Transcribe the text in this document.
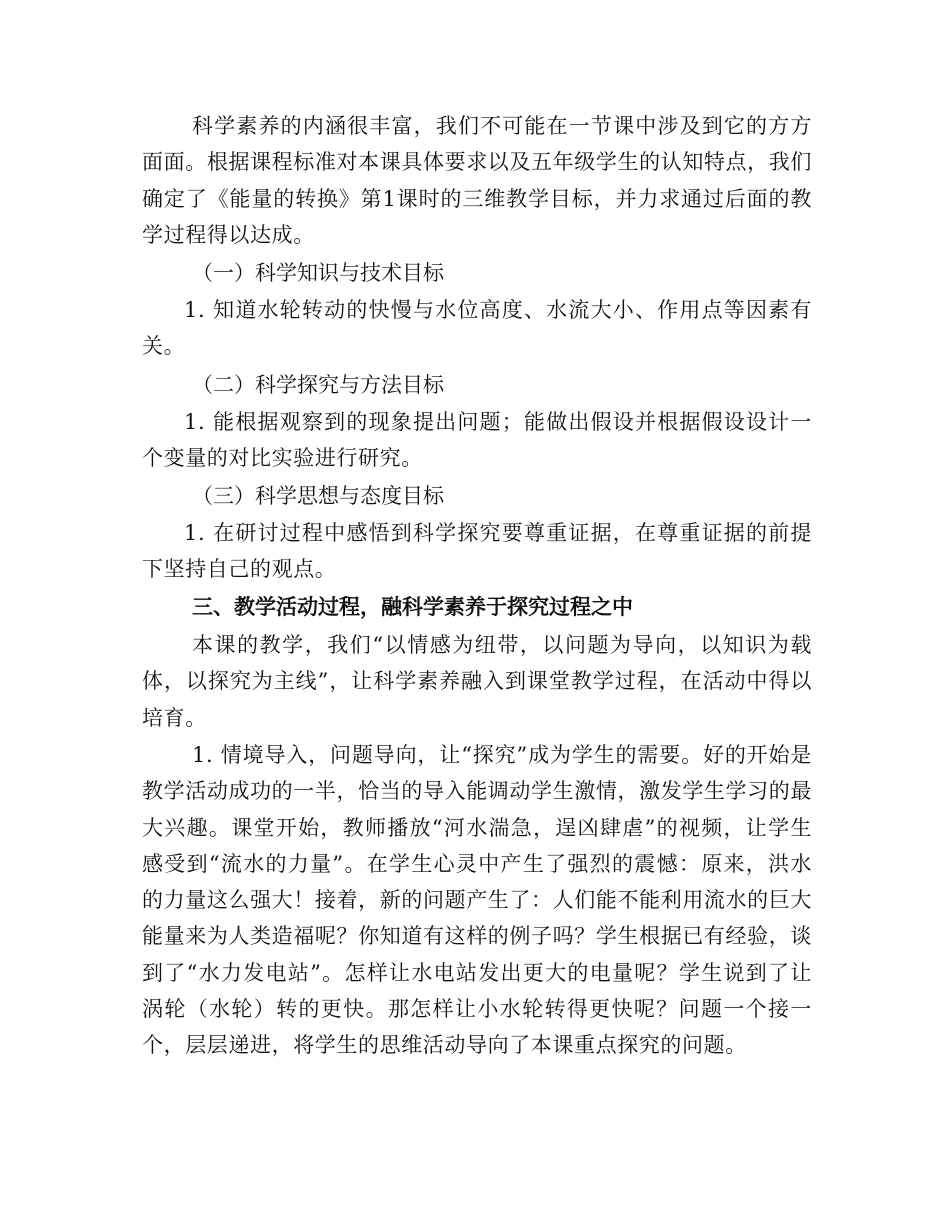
科学素养的内涵很丰富，我们不可能在一节课中涉及到它的方方面面。根据课程标准对本课具体要求以及五年级学生的认知特点，我们确定了《能量的转换》第1课时的三维教学目标，并力求通过后面的教学过程得以达成。

（一）科学知识与技术目标

1. 知道水轮转动的快慢与水位高度、水流大小、作用点等因素有关。

（二）科学探究与方法目标

1. 能根据观察到的现象提出问题；能做出假设并根据假设设计一个变量的对比实验进行研究。

（三）科学思想与态度目标

1. 在研讨过程中感悟到科学探究要尊重证据，在尊重证据的前提下坚持自己的观点。

三、教学活动过程，融科学素养于探究过程之中

本课的教学，我们“以情感为纽带，以问题为导向，以知识为载体，以探究为主线”，让科学素养融入到课堂教学过程，在活动中得以培育。

1. 情境导入，问题导向，让“探究”成为学生的需要。好的开始是教学活动成功的一半，恰当的导入能调动学生激情，激发学生学习的最大兴趣。课堂开始，教师播放“河水湍急，逞凶肆虐”的视频，让学生感受到“流水的力量”。在学生心灵中产生了强烈的震憾：原来，洪水的力量这么强大！接着，新的问题产生了：人们能不能利用流水的巨大能量来为人类造福呢？你知道有这样的例子吗？学生根据已有经验，谈到了“水力发电站”。怎样让水电站发出更大的电量呢？学生说到了让涡轮（水轮）转的更快。那怎样让小水轮转得更快呢？问题一个接一个，层层递进，将学生的思维活动导向了本课重点探究的问题。
